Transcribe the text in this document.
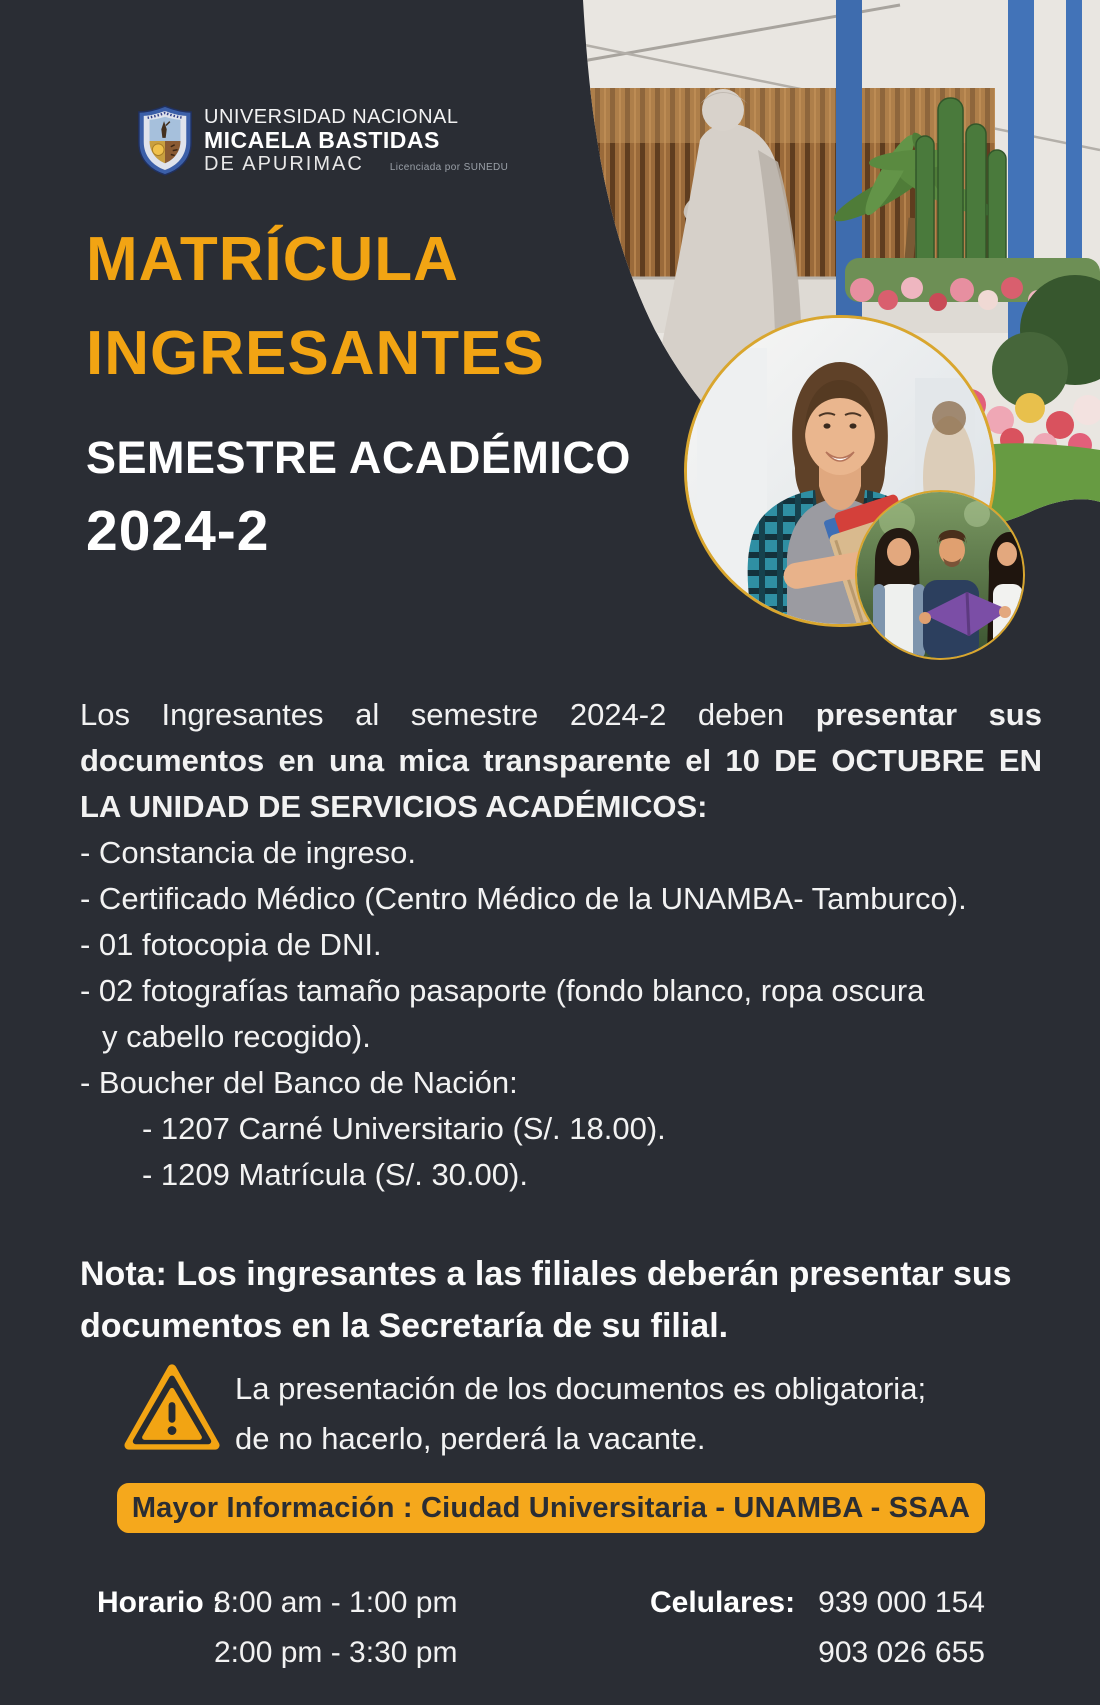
UNIVERSIDAD NACIONAL
MICAELA BASTIDAS
DE APURIMAC	Licenciada por SUNEDU
MATRÍCULA
INGRESANTES
SEMESTRE ACADÉMICO
2024-2
Los Ingresantes al semestre 2024-2 deben presentar sus
documentos en una mica transparente el 10 DE OCTUBRE EN
LA UNIDAD DE SERVICIOS ACADÉMICOS:
- Constancia de ingreso.
- Certificado Médico (Centro Médico de la UNAMBA- Tamburco).
- 01 fotocopia de DNI.
- 02 fotografías tamaño pasaporte (fondo blanco, ropa oscura
y cabello recogido).
- Boucher del Banco de Nación:
- 1207 Carné Universitario (S/. 18.00).
- 1209 Matrícula (S/. 30.00).
Nota: Los ingresantes a las filiales deberán presentar sus
documentos en la Secretaría de su filial.
La presentación de los documentos es obligatoria;
de no hacerlo, perderá la vacante.
Mayor Información : Ciudad Universitaria - UNAMBA - SSAA
Horario :
8:00 am - 1:00 pm
2:00 pm - 3:30 pm
Celulares: 939 000 154
903 026 655
